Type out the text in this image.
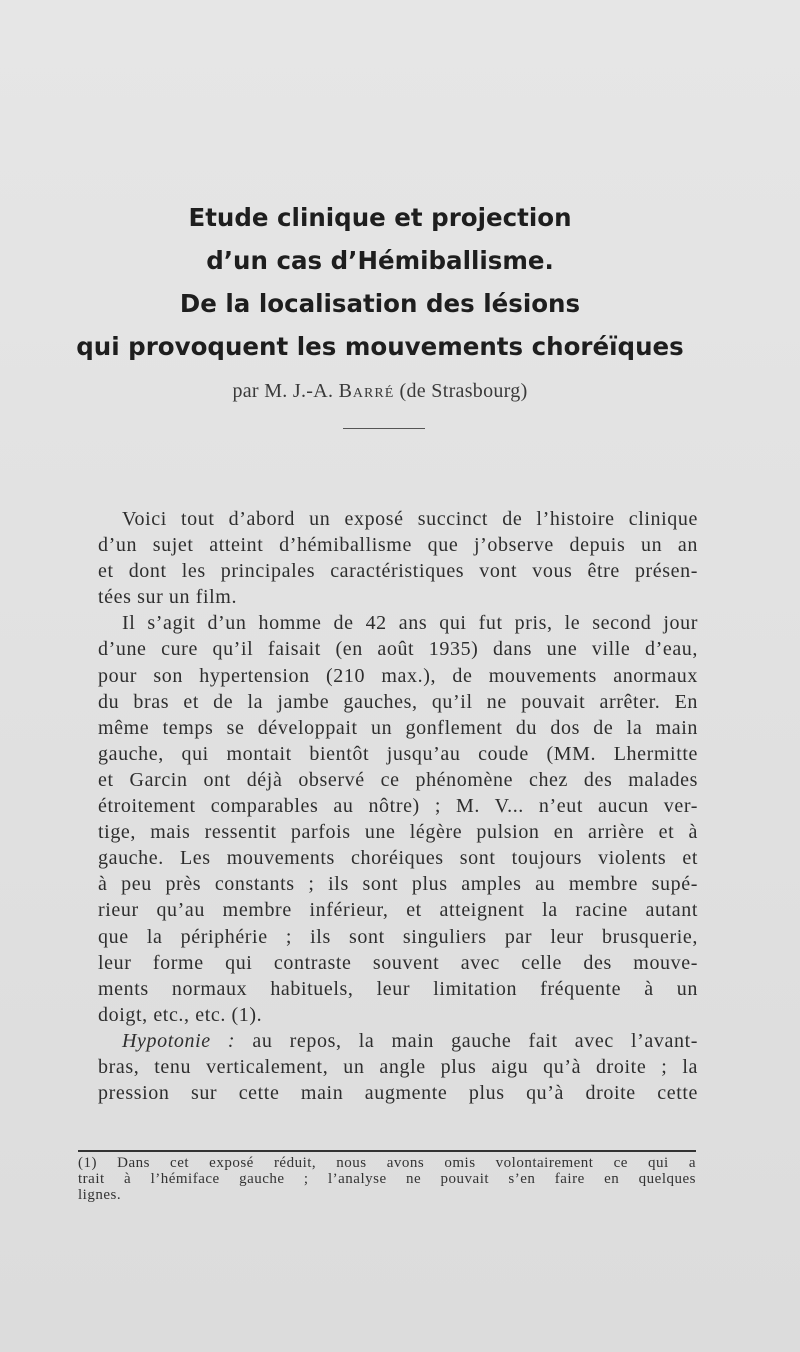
Etude clinique et projection
d’un cas d’Hémiballisme.
De la localisation des lésions
qui provoquent les mouvements choréïques
par M. J.-A. Barré (de Strasbourg)
Voici tout d’abord un exposé succinct de l’histoire clinique
d’un sujet atteint d’hémiballisme que j’observe depuis un an
et dont les principales caractéristiques vont vous être présen-
tées sur un film.
Il s’agit d’un homme de 42 ans qui fut pris, le second jour
d’une cure qu’il faisait (en août 1935) dans une ville d’eau,
pour son hypertension (210 max.), de mouvements anormaux
du bras et de la jambe gauches, qu’il ne pouvait arrêter. En
même temps se développait un gonflement du dos de la main
gauche, qui montait bientôt jusqu’au coude (MM. Lhermitte
et Garcin ont déjà observé ce phénomène chez des malades
étroitement comparables au nôtre) ; M. V... n’eut aucun ver-
tige, mais ressentit parfois une légère pulsion en arrière et à
gauche. Les mouvements choréiques sont toujours violents et
à peu près constants ; ils sont plus amples au membre supé-
rieur qu’au membre inférieur, et atteignent la racine autant
que la périphérie ; ils sont singuliers par leur brusquerie,
leur forme qui contraste souvent avec celle des mouve-
ments normaux habituels, leur limitation fréquente à un
doigt, etc., etc. (1).
Hypotonie : au repos, la main gauche fait avec l’avant-
bras, tenu verticalement, un angle plus aigu qu’à droite ; la
pression sur cette main augmente plus qu’à droite cette
(1) Dans cet exposé réduit, nous avons omis volontairement ce qui a
trait à l’hémiface gauche ; l’analyse ne pouvait s’en faire en quelques
lignes.
